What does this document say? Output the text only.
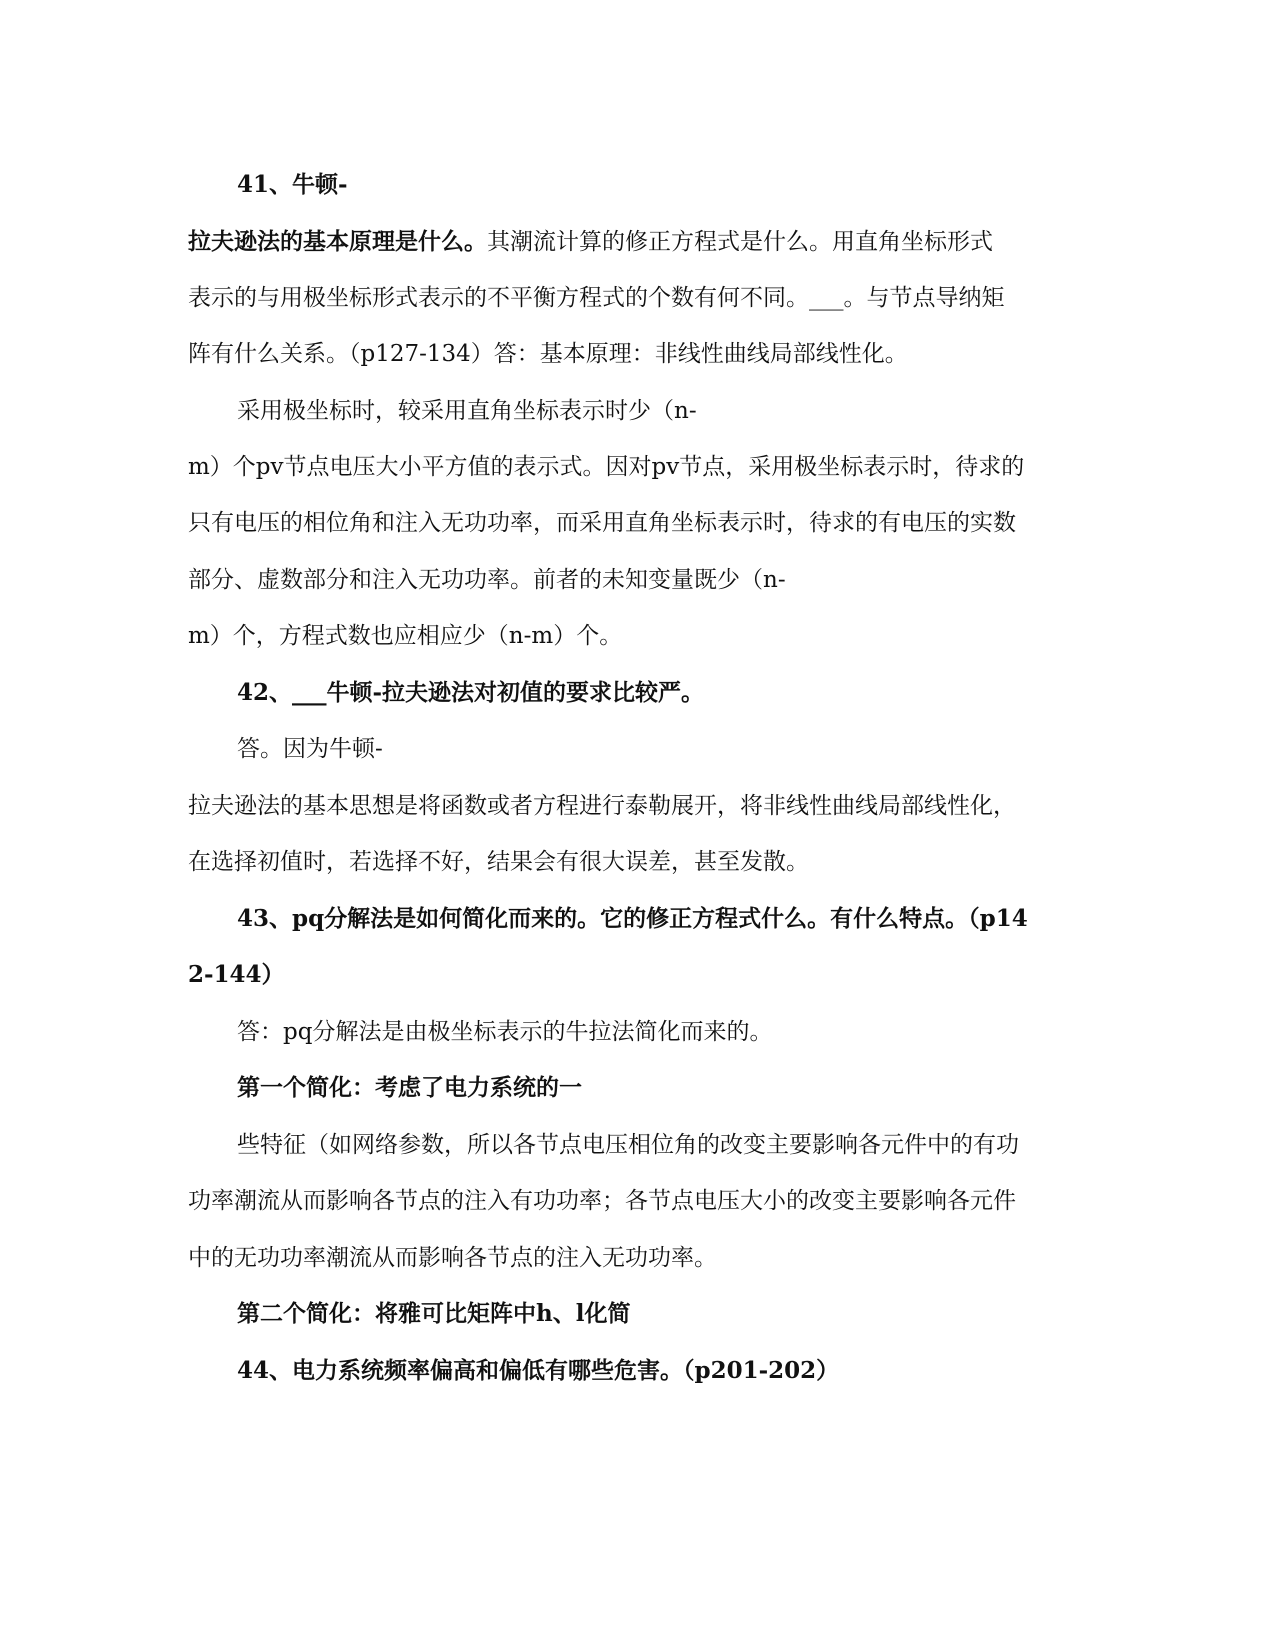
41、牛顿-
拉夫逊法的基本原理是什么。其潮流计算的修正方程式是什么。用直角坐标形式
表示的与用极坐标形式表示的不平衡方程式的个数有何不同。___。与节点导纳矩
阵有什么关系。（p127-134）答：基本原理：非线性曲线局部线性化。
采用极坐标时，较采用直角坐标表示时少（n-
m）个pv节点电压大小平方值的表示式。因对pv节点，采用极坐标表示时，待求的
只有电压的相位角和注入无功功率，而采用直角坐标表示时，待求的有电压的实数
部分、虚数部分和注入无功功率。前者的未知变量既少（n-
m）个，方程式数也应相应少（n-m）个。
42、___牛顿-拉夫逊法对初值的要求比较严。
答。因为牛顿-
拉夫逊法的基本思想是将函数或者方程进行泰勒展开，将非线性曲线局部线性化，
在选择初值时，若选择不好，结果会有很大误差，甚至发散。
43、pq分解法是如何简化而来的。它的修正方程式什么。有什么特点。（p14
2-144）
答：pq分解法是由极坐标表示的牛拉法简化而来的。
第一个简化：考虑了电力系统的一
些特征（如网络参数，所以各节点电压相位角的改变主要影响各元件中的有功
功率潮流从而影响各节点的注入有功功率；各节点电压大小的改变主要影响各元件
中的无功功率潮流从而影响各节点的注入无功功率。
第二个简化：将雅可比矩阵中h、l化简
44、电力系统频率偏高和偏低有哪些危害。（p201-202）
